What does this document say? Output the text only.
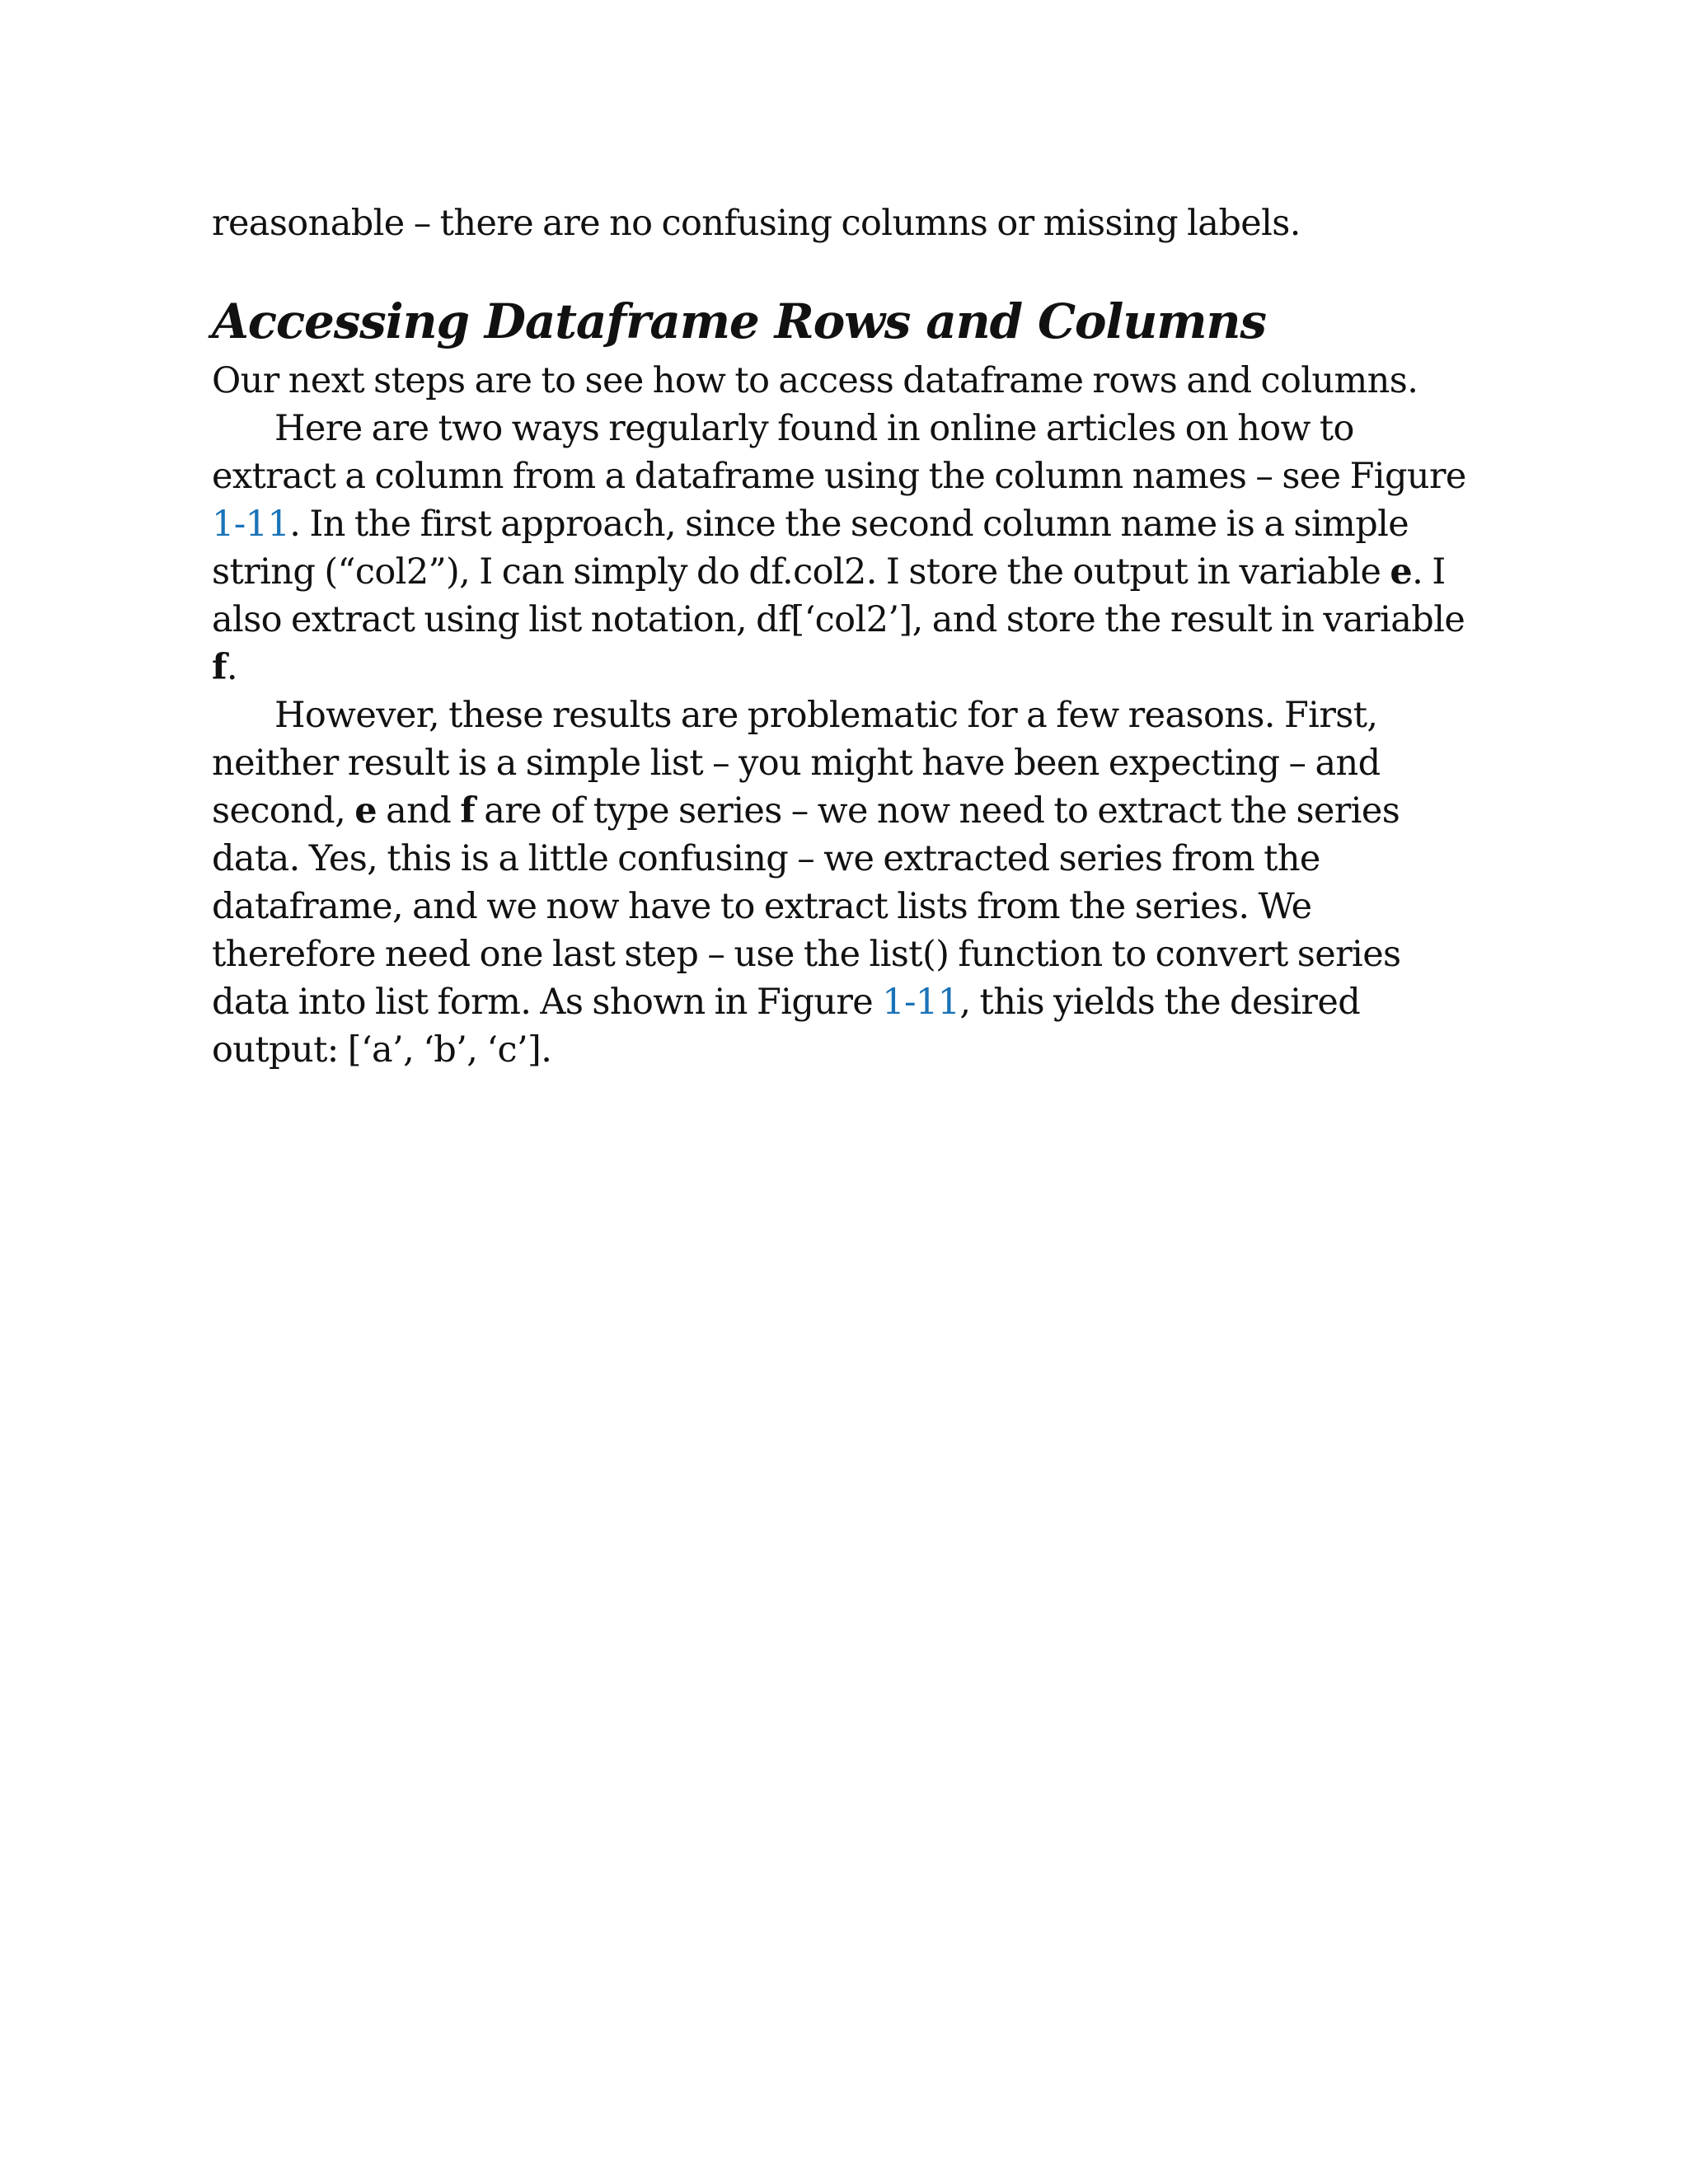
reasonable – there are no confusing columns or missing labels.
Accessing Dataframe Rows and Columns
Our next steps are to see how to access dataframe rows and columns.
Here are two ways regularly found in online articles on how to
extract a column from a dataframe using the column names – see Figure
1-11. In the first approach, since the second column name is a simple
string (“col2”), I can simply do df.col2. I store the output in variable e. I
also extract using list notation, df[‘col2’], and store the result in variable
f.
However, these results are problematic for a few reasons. First,
neither result is a simple list – you might have been expecting – and
second, e and f are of type series – we now need to extract the series
data. Yes, this is a little confusing – we extracted series from the
dataframe, and we now have to extract lists from the series. We
therefore need one last step – use the list() function to convert series
data into list form. As shown in Figure 1-11, this yields the desired
output: [‘a’, ‘b’, ‘c’].
